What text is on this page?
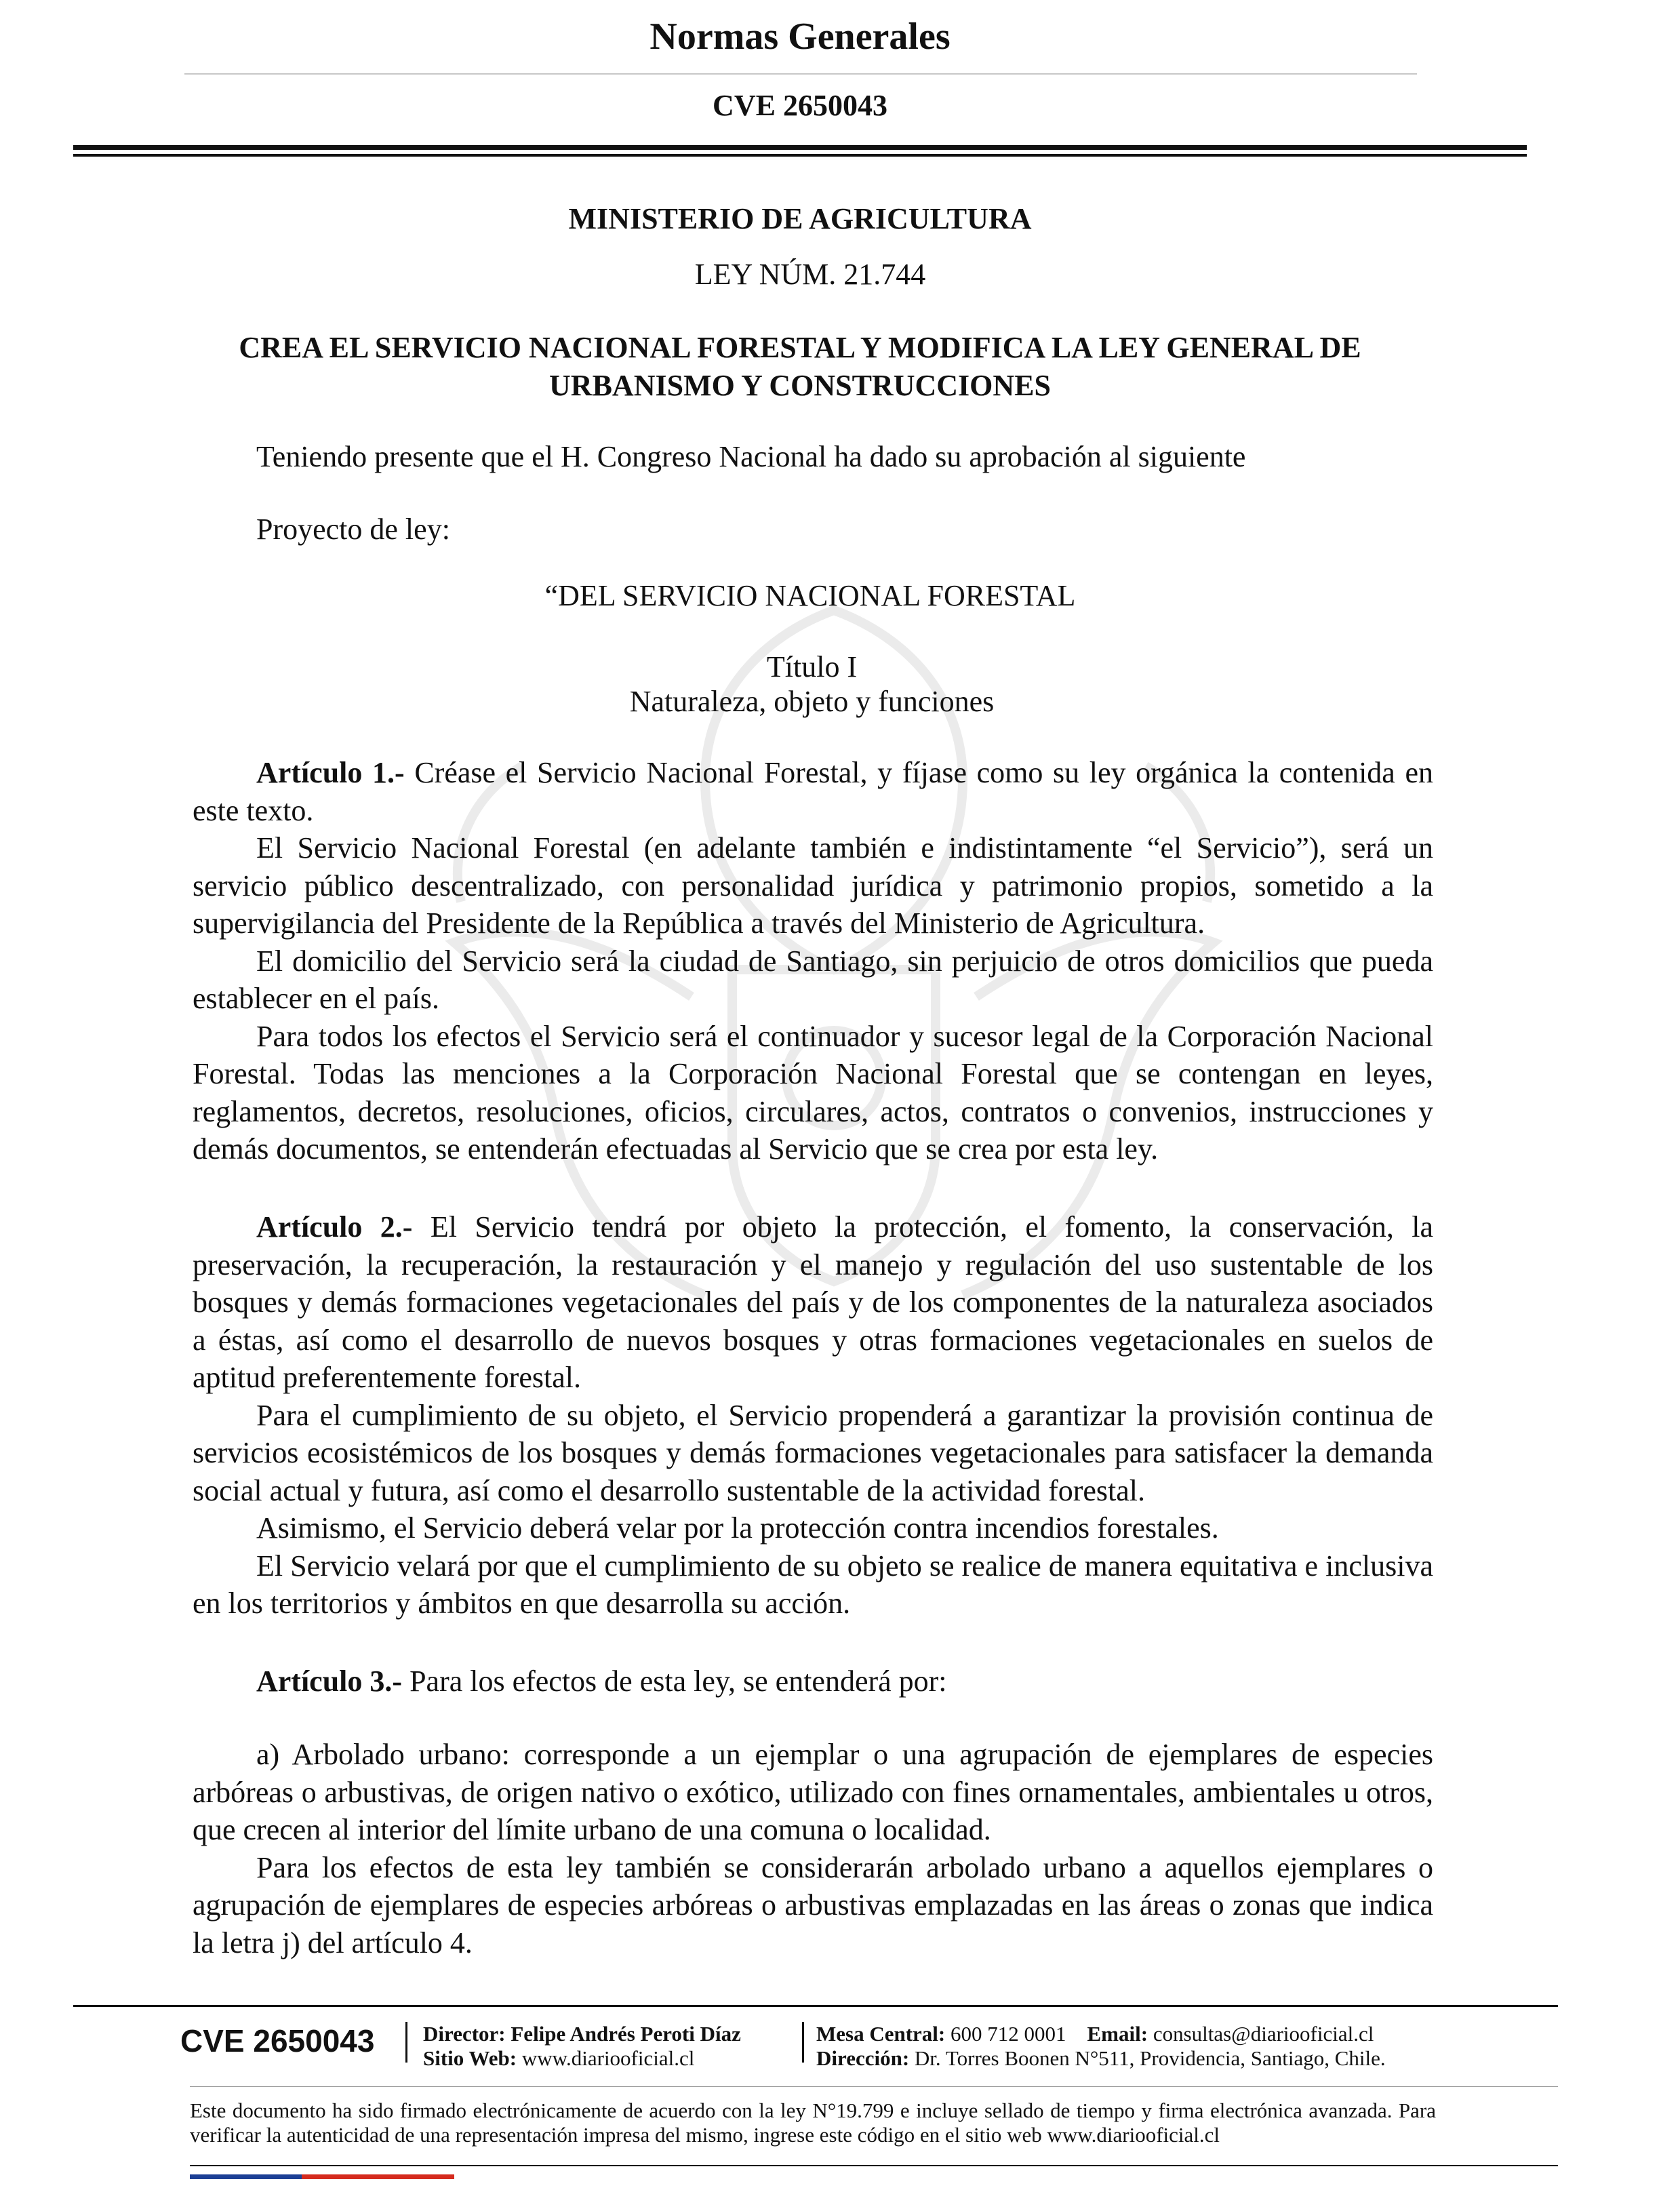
Normas Generales
CVE 2650043
MINISTERIO DE AGRICULTURA
LEY NÚM. 21.744
CREA EL SERVICIO NACIONAL FORESTAL Y MODIFICA LA LEY GENERAL DE
URBANISMO Y CONSTRUCCIONES
Teniendo presente que el H. Congreso Nacional ha dado su aprobación al siguiente
Proyecto de ley:
“DEL SERVICIO NACIONAL FORESTAL
Título I
Naturaleza, objeto y funciones

Artículo 1.- Créase el Servicio Nacional Forestal, y fíjase como su ley orgánica la contenida en este texto.

El Servicio Nacional Forestal (en adelante también e indistintamente “el Servicio”), será un servicio público descentralizado, con personalidad jurídica y patrimonio propios, sometido a la supervigilancia del Presidente de la República a través del Ministerio de Agricultura.

El domicilio del Servicio será la ciudad de Santiago, sin perjuicio de otros domicilios que pueda establecer en el país.

Para todos los efectos el Servicio será el continuador y sucesor legal de la Corporación Nacional Forestal. Todas las menciones a la Corporación Nacional Forestal que se contengan en leyes, reglamentos, decretos, resoluciones, oficios, circulares, actos, contratos o convenios, instrucciones y demás documentos, se entenderán efectuadas al Servicio que se crea por esta ley.

Artículo 2.- El Servicio tendrá por objeto la protección, el fomento, la conservación, la preservación, la recuperación, la restauración y el manejo y regulación del uso sustentable de los bosques y demás formaciones vegetacionales del país y de los componentes de la naturaleza asociados a éstas, así como el desarrollo de nuevos bosques y otras formaciones vegetacionales en suelos de aptitud preferentemente forestal.

Para el cumplimiento de su objeto, el Servicio propenderá a garantizar la provisión continua de servicios ecosistémicos de los bosques y demás formaciones vegetacionales para satisfacer la demanda social actual y futura, así como el desarrollo sustentable de la actividad forestal.

Asimismo, el Servicio deberá velar por la protección contra incendios forestales.

El Servicio velará por que el cumplimiento de su objeto se realice de manera equitativa e inclusiva en los territorios y ámbitos en que desarrolla su acción.

Artículo 3.- Para los efectos de esta ley, se entenderá por:

a) Arbolado urbano: corresponde a un ejemplar o una agrupación de ejemplares de especies arbóreas o arbustivas, de origen nativo o exótico, utilizado con fines ornamentales, ambientales u otros, que crecen al interior del límite urbano de una comuna o localidad.

Para los efectos de esta ley también se considerarán arbolado urbano a aquellos ejemplares o agrupación de ejemplares de especies arbóreas o arbustivas emplazadas en las áreas o zonas que indica la letra j) del artículo 4.

CVE 2650043 Director: Felipe Andrés Peroti Díaz
Sitio Web: www.diariooficial.cl
Mesa Central: 600 712 0001 Email: consultas@diariooficial.cl
Dirección: Dr. Torres Boonen N°511, Providencia, Santiago, Chile.
Este documento ha sido firmado electrónicamente de acuerdo con la ley N°19.799 e incluye sellado de tiempo y firma electrónica avanzada. Para verificar la autenticidad de una representación impresa del mismo, ingrese este código en el sitio web www.diariooficial.cl
